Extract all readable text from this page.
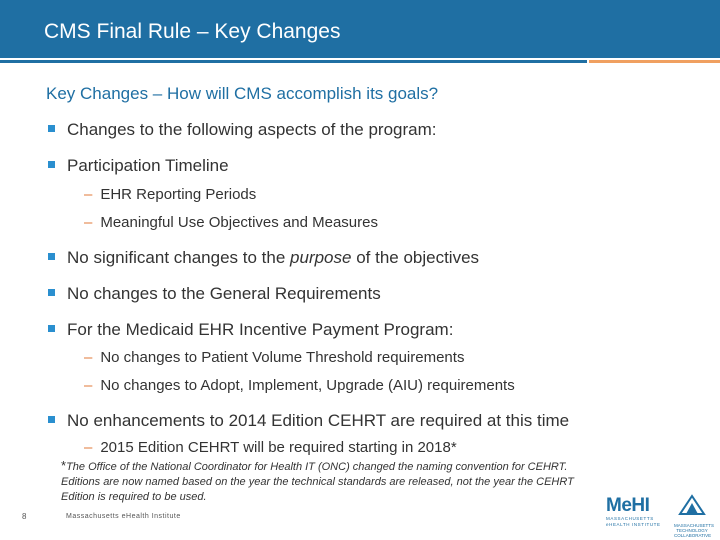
CMS Final Rule – Key Changes
Key Changes – How will CMS accomplish its goals?
Changes to the following aspects of the program:
Participation Timeline
– EHR Reporting Periods
– Meaningful Use Objectives and Measures
No significant changes to the purpose of the objectives
No changes to the General Requirements
For the Medicaid EHR Incentive Payment Program:
– No changes to Patient Volume Threshold requirements
– No changes to Adopt, Implement, Upgrade (AIU) requirements
No enhancements to 2014 Edition CEHRT are required at this time
– 2015 Edition CEHRT will be required starting in 2018*
*The Office of the National Coordinator for Health IT (ONC) changed the naming convention for CEHRT. Editions are now named based on the year the technical standards are released, not the year the CEHRT Edition is required to be used.
8	Massachusetts eHealth Institute
MeHI
MASSACHUSETTS eHEALTH INSTITUTE	MASSACHUSETTS TECHNOLOGY COLLABORATIVE
